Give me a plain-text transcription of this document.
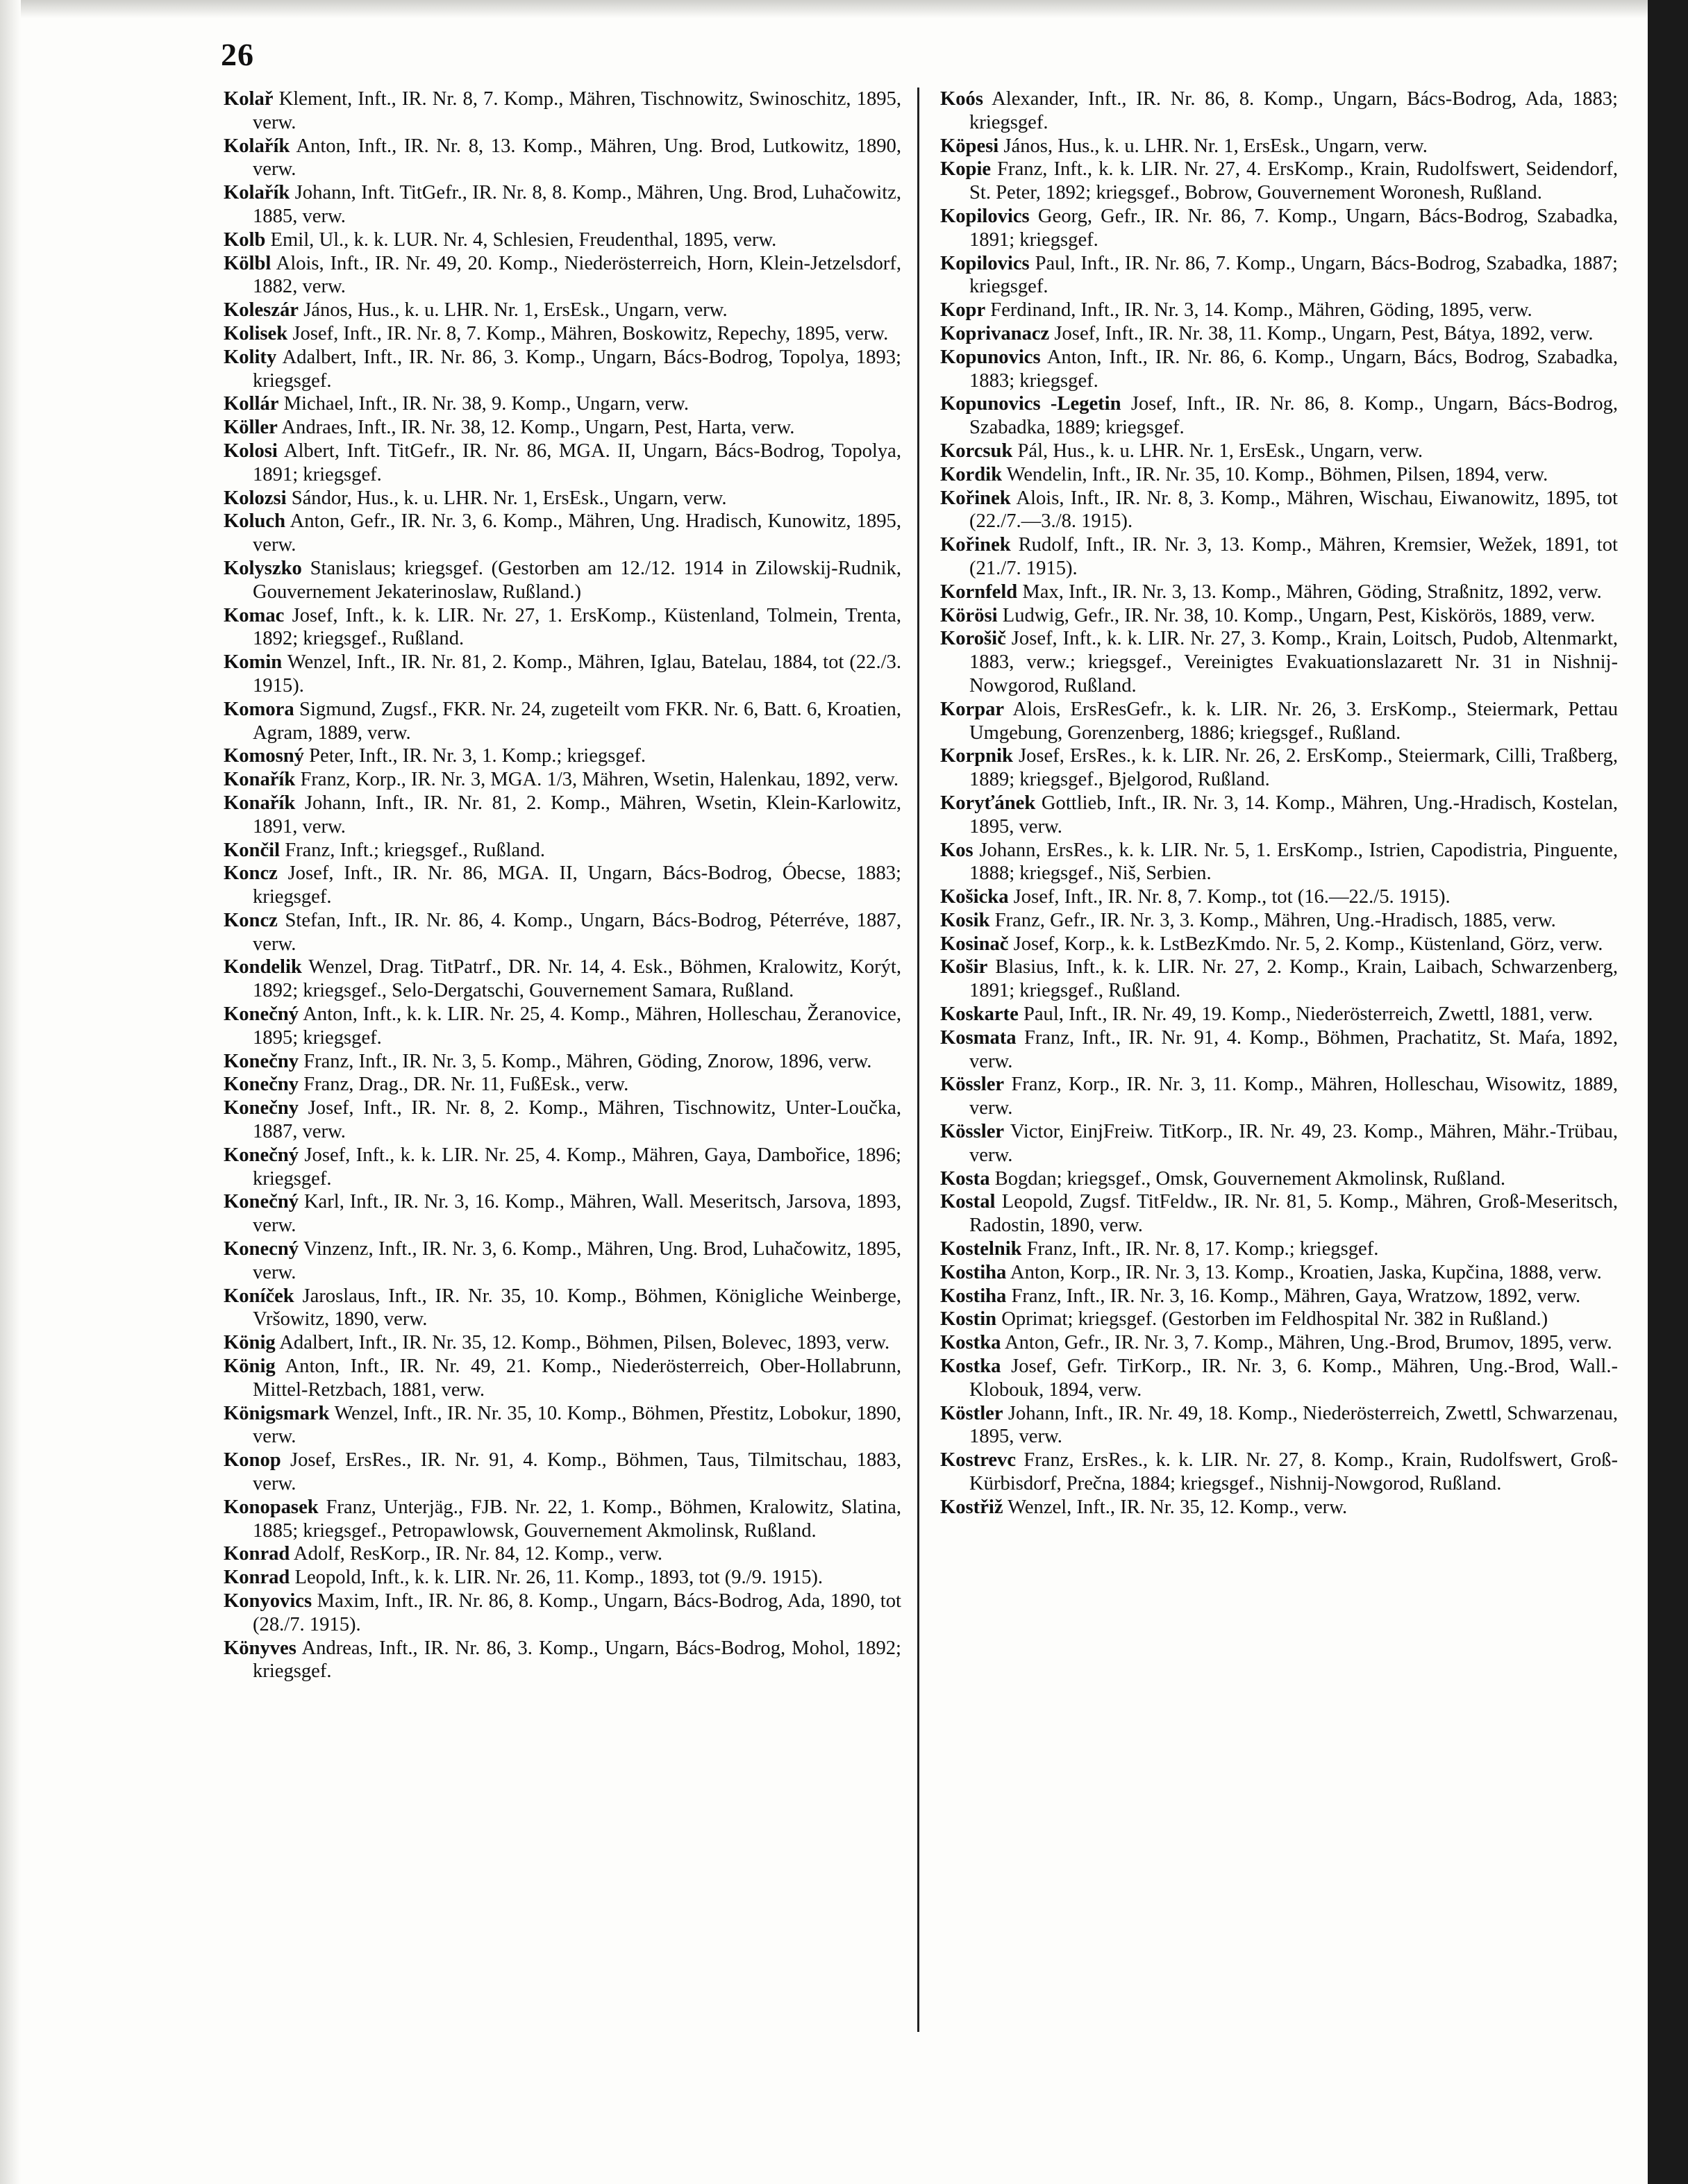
26

Kolař Klement, Inft., IR. Nr. 8, 7. Komp., Mähren, Tischnowitz, Swinoschitz, 1895, verw.

Kolařík Anton, Inft., IR. Nr. 8, 13. Komp., Mähren, Ung. Brod, Lutkowitz, 1890, verw.

Kolařík Johann, Inft. TitGefr., IR. Nr. 8, 8. Komp., Mähren, Ung. Brod, Luhačowitz, 1885, verw.

Kolb Emil, Ul., k. k. LUR. Nr. 4, Schlesien, Freudenthal, 1895, verw.

Kölbl Alois, Inft., IR. Nr. 49, 20. Komp., Niederösterreich, Horn, Klein-Jetzelsdorf, 1882, verw.

Koleszár János, Hus., k. u. LHR. Nr. 1, ErsEsk., Ungarn, verw.

Kolisek Josef, Inft., IR. Nr. 8, 7. Komp., Mähren, Boskowitz, Repechy, 1895, verw.

Kolity Adalbert, Inft., IR. Nr. 86, 3. Komp., Ungarn, Bács-Bodrog, Topolya, 1893; kriegsgef.

Kollár Michael, Inft., IR. Nr. 38, 9. Komp., Ungarn, verw.

Köller Andraes, Inft., IR. Nr. 38, 12. Komp., Ungarn, Pest, Harta, verw.

Kolosi Albert, Inft. TitGefr., IR. Nr. 86, MGA. II, Ungarn, Bács-Bodrog, Topolya, 1891; kriegsgef.

Kolozsi Sándor, Hus., k. u. LHR. Nr. 1, ErsEsk., Ungarn, verw.

Koluch Anton, Gefr., IR. Nr. 3, 6. Komp., Mähren, Ung. Hradisch, Kunowitz, 1895, verw.

Kolyszko Stanislaus; kriegsgef. (Gestorben am 12./12. 1914 in Zilowskij-Rudnik, Gouvernement Jekaterinoslaw, Rußland.)

Komac Josef, Inft., k. k. LIR. Nr. 27, 1. ErsKomp., Küstenland, Tolmein, Trenta, 1892; kriegsgef., Rußland.

Komin Wenzel, Inft., IR. Nr. 81, 2. Komp., Mähren, Iglau, Batelau, 1884, tot (22./3. 1915).

Komora Sigmund, Zugsf., FKR. Nr. 24, zugeteilt vom FKR. Nr. 6, Batt. 6, Kroatien, Agram, 1889, verw.

Komosný Peter, Inft., IR. Nr. 3, 1. Komp.; kriegsgef.

Konařík Franz, Korp., IR. Nr. 3, MGA. 1/3, Mähren, Wsetin, Halenkau, 1892, verw.

Konařík Johann, Inft., IR. Nr. 81, 2. Komp., Mähren, Wsetin, Klein-Karlowitz, 1891, verw.

Končil Franz, Inft.; kriegsgef., Rußland.

Koncz Josef, Inft., IR. Nr. 86, MGA. II, Ungarn, Bács-Bodrog, Óbecse, 1883; kriegsgef.

Koncz Stefan, Inft., IR. Nr. 86, 4. Komp., Ungarn, Bács-Bodrog, Péterréve, 1887, verw.

Kondelik Wenzel, Drag. TitPatrf., DR. Nr. 14, 4. Esk., Böhmen, Kralowitz, Korýt, 1892; kriegsgef., Selo-Dergatschi, Gouvernement Samara, Rußland.

Konečný Anton, Inft., k. k. LIR. Nr. 25, 4. Komp., Mähren, Holleschau, Žeranovice, 1895; kriegsgef.

Konečny Franz, Inft., IR. Nr. 3, 5. Komp., Mähren, Göding, Znorow, 1896, verw.

Konečny Franz, Drag., DR. Nr. 11, FußEsk., verw.

Konečny Josef, Inft., IR. Nr. 8, 2. Komp., Mähren, Tischnowitz, Unter-Loučka, 1887, verw.

Konečný Josef, Inft., k. k. LIR. Nr. 25, 4. Komp., Mähren, Gaya, Dambořice, 1896; kriegsgef.

Konečný Karl, Inft., IR. Nr. 3, 16. Komp., Mähren, Wall. Meseritsch, Jarsova, 1893, verw.

Konecný Vinzenz, Inft., IR. Nr. 3, 6. Komp., Mähren, Ung. Brod, Luhačowitz, 1895, verw.

Koníček Jaroslaus, Inft., IR. Nr. 35, 10. Komp., Böhmen, Königliche Weinberge, Vršowitz, 1890, verw.

König Adalbert, Inft., IR. Nr. 35, 12. Komp., Böhmen, Pilsen, Bolevec, 1893, verw.

König Anton, Inft., IR. Nr. 49, 21. Komp., Niederösterreich, Ober-Hollabrunn, Mittel-Retzbach, 1881, verw.

Königsmark Wenzel, Inft., IR. Nr. 35, 10. Komp., Böhmen, Přestitz, Lobokur, 1890, verw.

Konop Josef, ErsRes., IR. Nr. 91, 4. Komp., Böhmen, Taus, Tilmitschau, 1883, verw.

Konopasek Franz, Unterjäg., FJB. Nr. 22, 1. Komp., Böhmen, Kralowitz, Slatina, 1885; kriegsgef., Petropawlowsk, Gouvernement Akmolinsk, Rußland.

Konrad Adolf, ResKorp., IR. Nr. 84, 12. Komp., verw.

Konrad Leopold, Inft., k. k. LIR. Nr. 26, 11. Komp., 1893, tot (9./9. 1915).

Konyovics Maxim, Inft., IR. Nr. 86, 8. Komp., Ungarn, Bács-Bodrog, Ada, 1890, tot (28./7. 1915).

Könyves Andreas, Inft., IR. Nr. 86, 3. Komp., Ungarn, Bács-Bodrog, Mohol, 1892; kriegsgef.

Koós Alexander, Inft., IR. Nr. 86, 8. Komp., Ungarn, Bács-Bodrog, Ada, 1883; kriegsgef.

Köpesi János, Hus., k. u. LHR. Nr. 1, ErsEsk., Ungarn, verw.

Kopie Franz, Inft., k. k. LIR. Nr. 27, 4. ErsKomp., Krain, Rudolfswert, Seidendorf, St. Peter, 1892; kriegsgef., Bobrow, Gouvernement Woronesh, Rußland.

Kopilovics Georg, Gefr., IR. Nr. 86, 7. Komp., Ungarn, Bács-Bodrog, Szabadka, 1891; kriegsgef.

Kopilovics Paul, Inft., IR. Nr. 86, 7. Komp., Ungarn, Bács-Bodrog, Szabadka, 1887; kriegsgef.

Kopr Ferdinand, Inft., IR. Nr. 3, 14. Komp., Mähren, Göding, 1895, verw.

Koprivanacz Josef, Inft., IR. Nr. 38, 11. Komp., Ungarn, Pest, Bátya, 1892, verw.

Kopunovics Anton, Inft., IR. Nr. 86, 6. Komp., Ungarn, Bács, Bodrog, Szabadka, 1883; kriegsgef.

Kopunovics -Legetin Josef, Inft., IR. Nr. 86, 8. Komp., Ungarn, Bács-Bodrog, Szabadka, 1889; kriegsgef.

Korcsuk Pál, Hus., k. u. LHR. Nr. 1, ErsEsk., Ungarn, verw.

Kordik Wendelin, Inft., IR. Nr. 35, 10. Komp., Böhmen, Pilsen, 1894, verw.

Kořinek Alois, Inft., IR. Nr. 8, 3. Komp., Mähren, Wischau, Eiwanowitz, 1895, tot (22./7.—3./8. 1915).

Kořinek Rudolf, Inft., IR. Nr. 3, 13. Komp., Mähren, Kremsier, Wežek, 1891, tot (21./7. 1915).

Kornfeld Max, Inft., IR. Nr. 3, 13. Komp., Mähren, Göding, Straßnitz, 1892, verw.

Körösi Ludwig, Gefr., IR. Nr. 38, 10. Komp., Ungarn, Pest, Kiskörös, 1889, verw.

Korošič Josef, Inft., k. k. LIR. Nr. 27, 3. Komp., Krain, Loitsch, Pudob, Altenmarkt, 1883, verw.; kriegsgef., Vereinigtes Evakuationslazarett Nr. 31 in Nishnij-Nowgorod, Rußland.

Korpar Alois, ErsResGefr., k. k. LIR. Nr. 26, 3. ErsKomp., Steiermark, Pettau Umgebung, Gorenzenberg, 1886; kriegsgef., Rußland.

Korpnik Josef, ErsRes., k. k. LIR. Nr. 26, 2. ErsKomp., Steiermark, Cilli, Traßberg, 1889; kriegsgef., Bjelgorod, Rußland.

Koryťánek Gottlieb, Inft., IR. Nr. 3, 14. Komp., Mähren, Ung.-Hradisch, Kostelan, 1895, verw.

Kos Johann, ErsRes., k. k. LIR. Nr. 5, 1. ErsKomp., Istrien, Capodistria, Pinguente, 1888; kriegsgef., Niš, Serbien.

Košicka Josef, Inft., IR. Nr. 8, 7. Komp., tot (16.—22./5. 1915).

Kosik Franz, Gefr., IR. Nr. 3, 3. Komp., Mähren, Ung.-Hradisch, 1885, verw.

Kosinač Josef, Korp., k. k. LstBezKmdo. Nr. 5, 2. Komp., Küstenland, Görz, verw.

Košir Blasius, Inft., k. k. LIR. Nr. 27, 2. Komp., Krain, Laibach, Schwarzenberg, 1891; kriegsgef., Rußland.

Koskarte Paul, Inft., IR. Nr. 49, 19. Komp., Niederösterreich, Zwettl, 1881, verw.

Kosmata Franz, Inft., IR. Nr. 91, 4. Komp., Böhmen, Prachatitz, St. Maŕa, 1892, verw.

Kössler Franz, Korp., IR. Nr. 3, 11. Komp., Mähren, Holleschau, Wisowitz, 1889, verw.

Kössler Victor, EinjFreiw. TitKorp., IR. Nr. 49, 23. Komp., Mähren, Mähr.-Trübau, verw.

Kosta Bogdan; kriegsgef., Omsk, Gouvernement Akmolinsk, Rußland.

Kostal Leopold, Zugsf. TitFeldw., IR. Nr. 81, 5. Komp., Mähren, Groß-Meseritsch, Radostin, 1890, verw.

Kostelnik Franz, Inft., IR. Nr. 8, 17. Komp.; kriegsgef.

Kostiha Anton, Korp., IR. Nr. 3, 13. Komp., Kroatien, Jaska, Kupčina, 1888, verw.

Kostiha Franz, Inft., IR. Nr. 3, 16. Komp., Mähren, Gaya, Wratzow, 1892, verw.

Kostin Oprimat; kriegsgef. (Gestorben im Feldhospital Nr. 382 in Rußland.)

Kostka Anton, Gefr., IR. Nr. 3, 7. Komp., Mähren, Ung.-Brod, Brumov, 1895, verw.

Kostka Josef, Gefr. TirKorp., IR. Nr. 3, 6. Komp., Mähren, Ung.-Brod, Wall.-Klobouk, 1894, verw.

Köstler Johann, Inft., IR. Nr. 49, 18. Komp., Niederösterreich, Zwettl, Schwarzenau, 1895, verw.

Kostrevc Franz, ErsRes., k. k. LIR. Nr. 27, 8. Komp., Krain, Rudolfswert, Groß-Kürbisdorf, Prečna, 1884; kriegsgef., Nishnij-Nowgorod, Rußland.

Kostřiž Wenzel, Inft., IR. Nr. 35, 12. Komp., verw.
